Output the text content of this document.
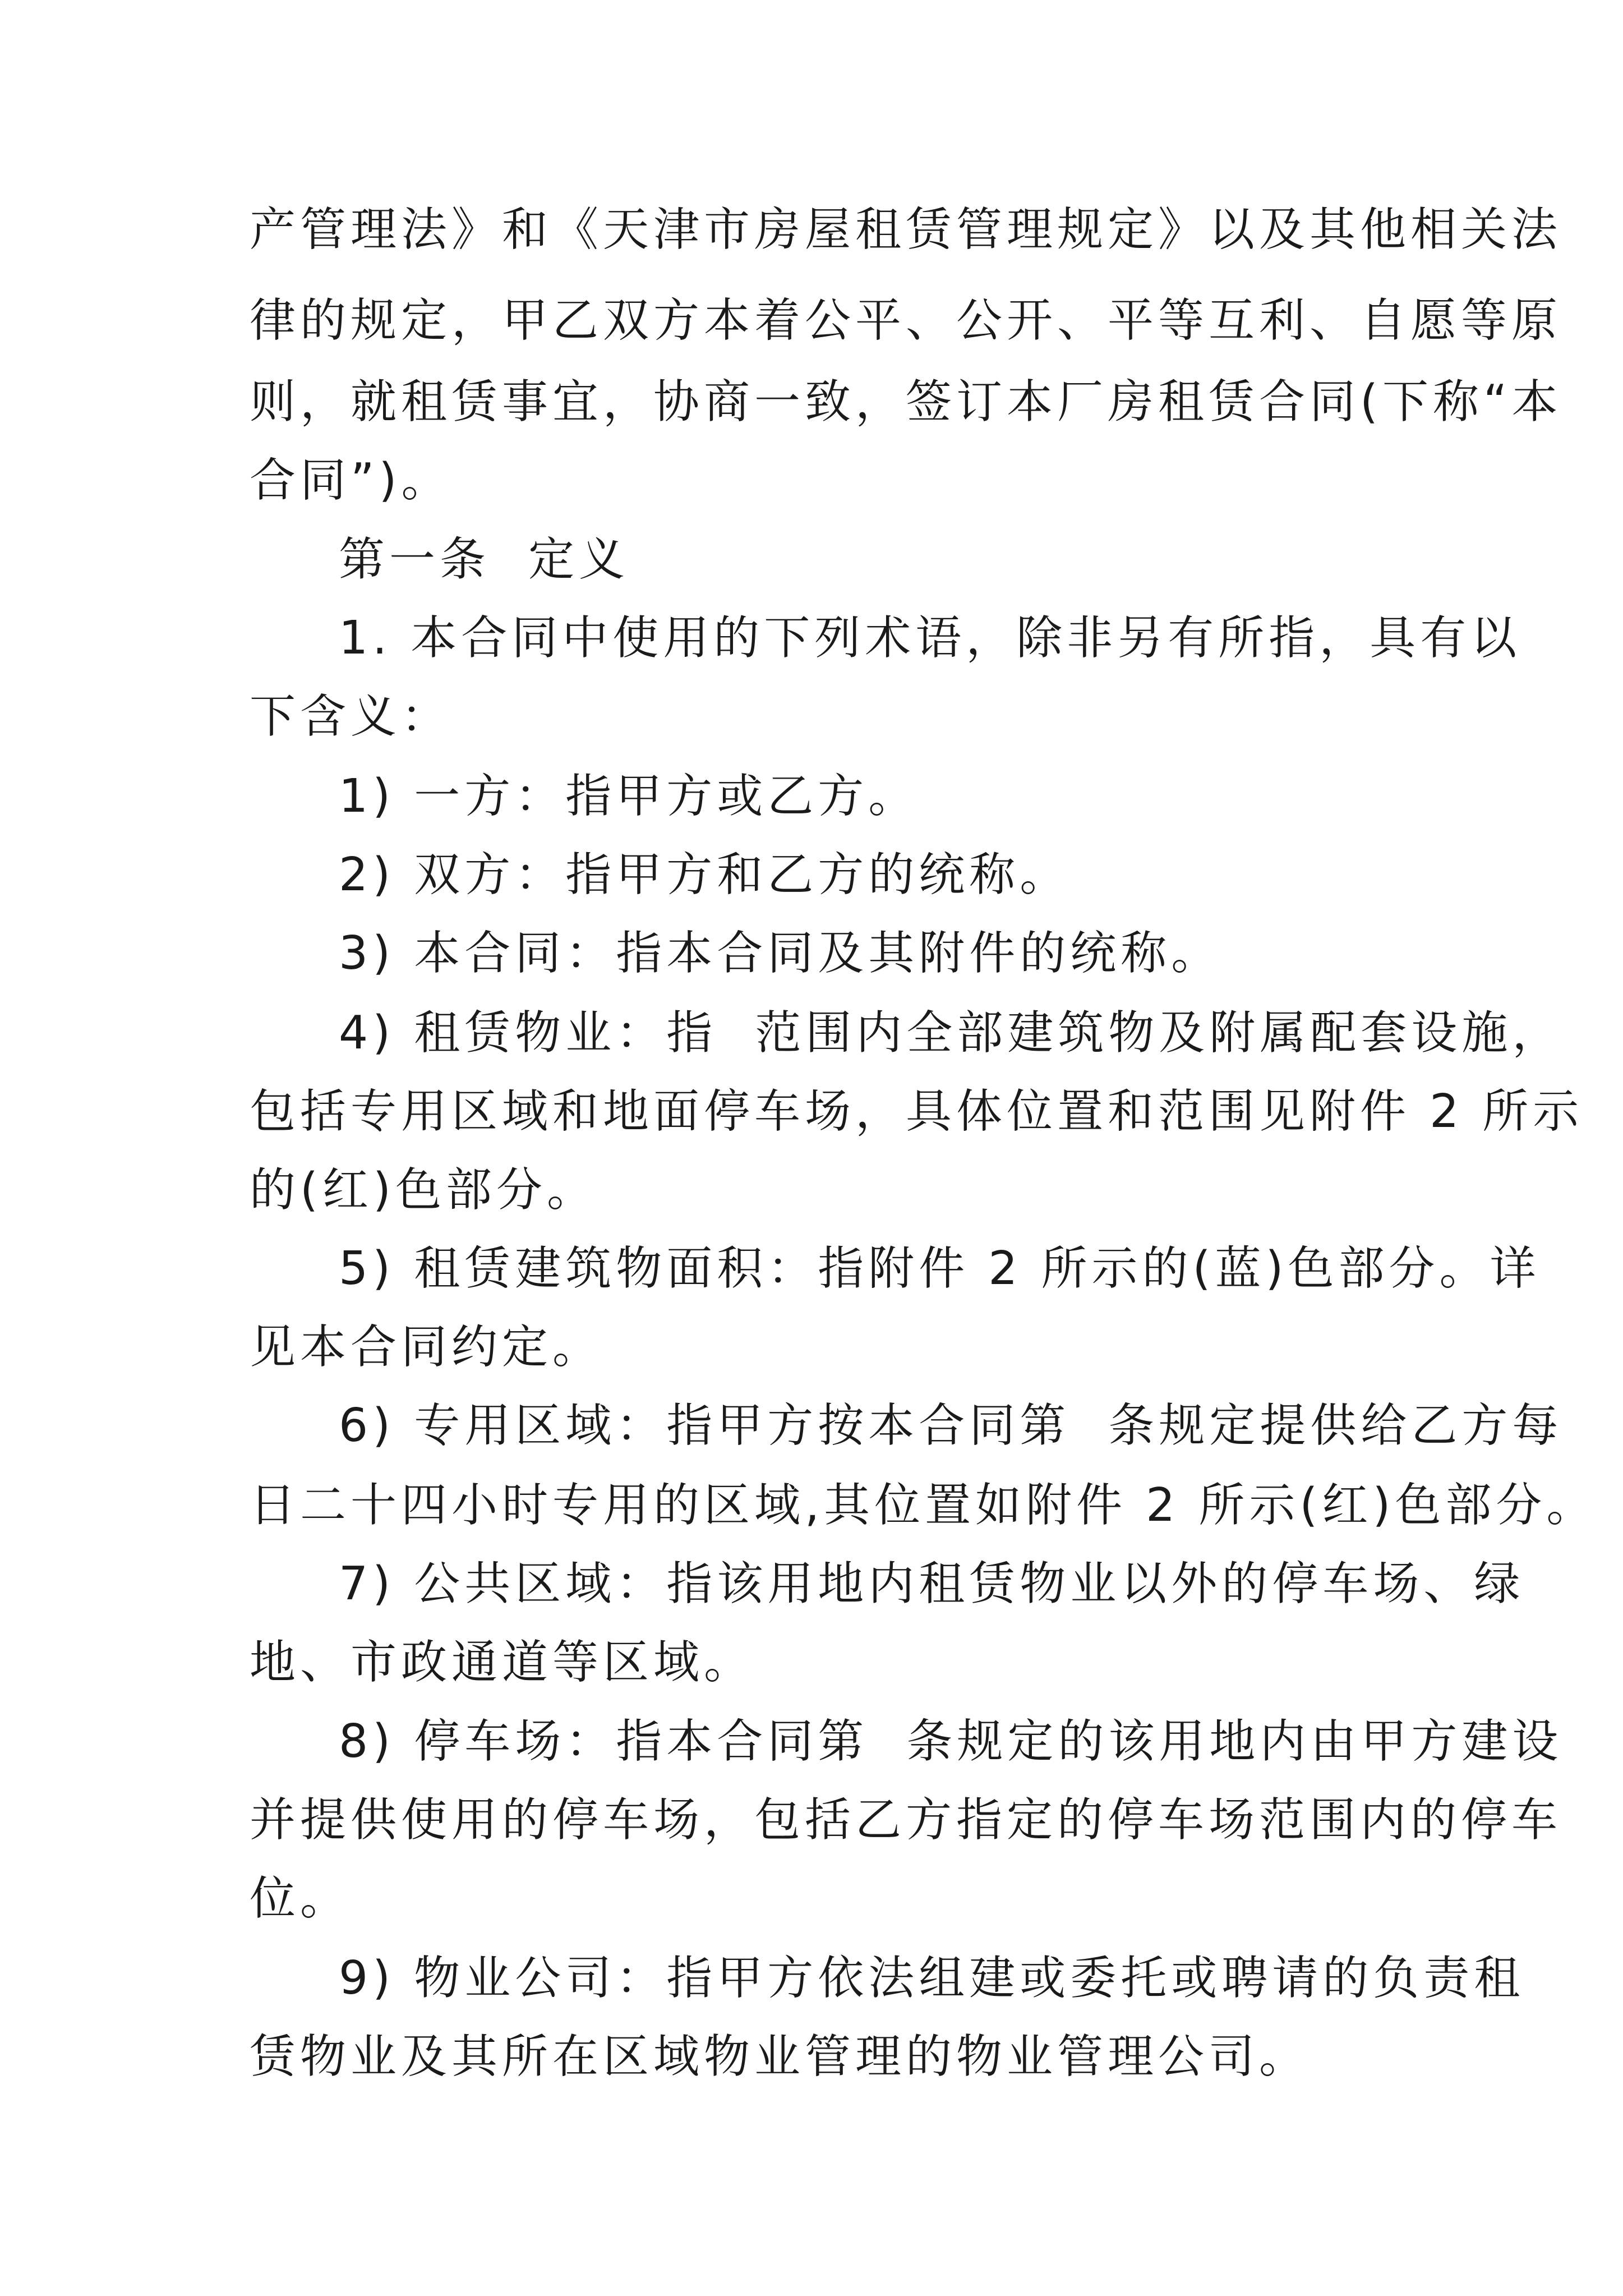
产管理法》和《天津市房屋租赁管理规定》以及其他相关法
律的规定，甲乙双方本着公平、公开、平等互利、自愿等原
则，就租赁事宜，协商一致，签订本厂房租赁合同(下称“本
合同”)。
第一条  定义
1. 本合同中使用的下列术语，除非另有所指，具有以
下含义：
1) 一方：指甲方或乙方。
2) 双方：指甲方和乙方的统称。
3) 本合同：指本合同及其附件的统称。
4) 租赁物业：指  范围内全部建筑物及附属配套设施，
包括专用区域和地面停车场，具体位置和范围见附件 2 所示
的(红)色部分。
5) 租赁建筑物面积：指附件 2 所示的(蓝)色部分。详
见本合同约定。
6) 专用区域：指甲方按本合同第  条规定提供给乙方每
日二十四小时专用的区域,其位置如附件 2 所示(红)色部分。
7) 公共区域：指该用地内租赁物业以外的停车场、绿
地、市政通道等区域。
8) 停车场：指本合同第  条规定的该用地内由甲方建设
并提供使用的停车场，包括乙方指定的停车场范围内的停车
位。
9) 物业公司：指甲方依法组建或委托或聘请的负责租
赁物业及其所在区域物业管理的物业管理公司。
